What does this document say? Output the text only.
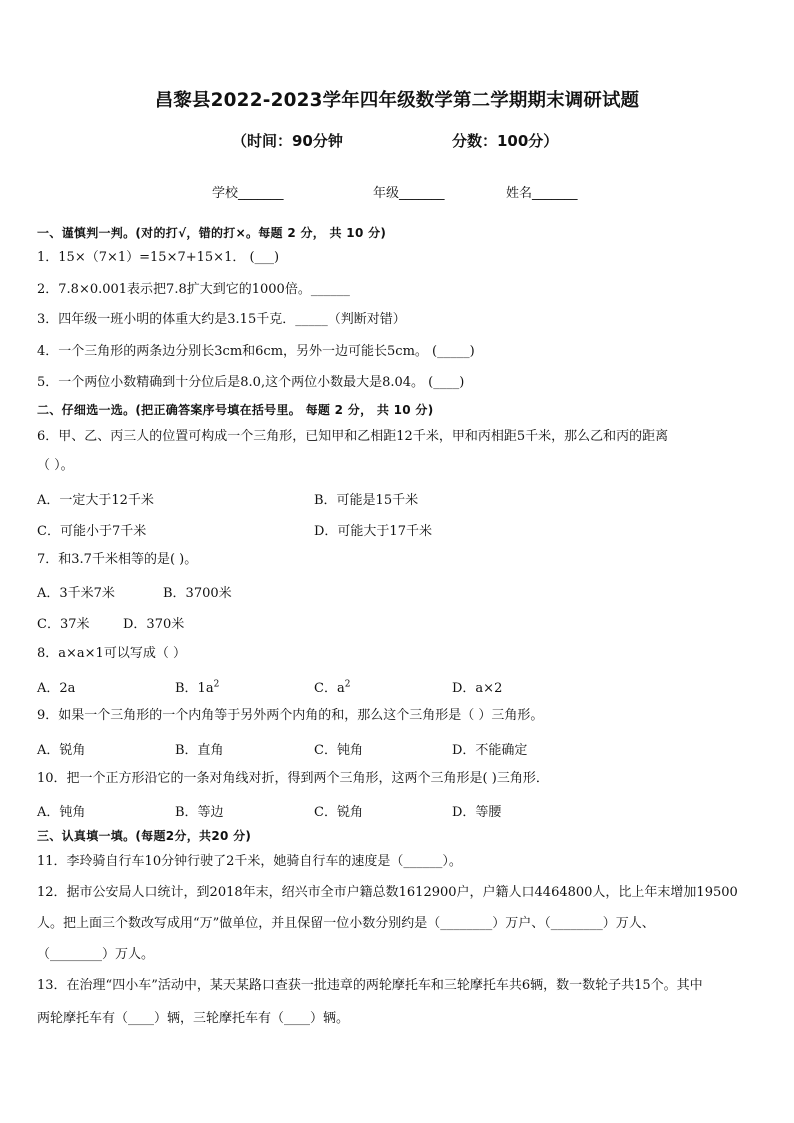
昌黎县2022-2023学年四年级数学第二学期期末调研试题
（时间：90分钟	分数：100分）
学校_______	年级_______	姓名_______
一、谨慎判一判。(对的打√，错的打×。每题 2 分， 共 10 分)
1．15×（7×1）=15×7+15×1． (___)
2．7.8×0.001表示把7.8扩大到它的1000倍。______
3．四年级一班小明的体重大约是3.15千克．_____（判断对错）
4．一个三角形的两条边分别长3cm和6cm，另外一边可能长5cm。 (_____)
5．一个两位小数精确到十分位后是8.0,这个两位小数最大是8.04。 (____)
二、仔细选一选。(把正确答案序号填在括号里。 每题 2 分， 共 10 分)
6．甲、乙、丙三人的位置可构成一个三角形，已知甲和乙相距12千米，甲和丙相距5千米，那么乙和丙的距离
（ ）。
A．一定大于12千米	B．可能是15千米
C．可能小于7千米	D．可能大于17千米
7．和3.7千米相等的是( )。
A．3千米7米	B．3700米
C．37米	D．370米
8．a×a×1可以写成（ ）
A．2a	B．$1a^2$	C．$a^2$	D．a×2
9．如果一个三角形的一个内角等于另外两个内角的和，那么这个三角形是（ ）三角形。
A．锐角	B．直角	C．钝角	D．不能确定
10．把一个正方形沿它的一条对角线对折，得到两个三角形，这两个三角形是( )三角形．
A．钝角	B．等边	C．锐角	D．等腰
三、认真填一填。(每题2分，共20 分)
11．李玲骑自行车10分钟行驶了2千米，她骑自行车的速度是（______）。
12．据市公安局人口统计，到2018年末，绍兴市全市户籍总数1612900户，户籍人口4464800人，比上年末增加19500
人。把上面三个数改写成用“万”做单位，并且保留一位小数分别约是（________）万户、（________）万人、
（________）万人。
13．在治理“四小车”活动中，某天某路口查获一批违章的两轮摩托车和三轮摩托车共6辆，数一数轮子共15个。其中
两轮摩托车有（____）辆，三轮摩托车有（____）辆。
